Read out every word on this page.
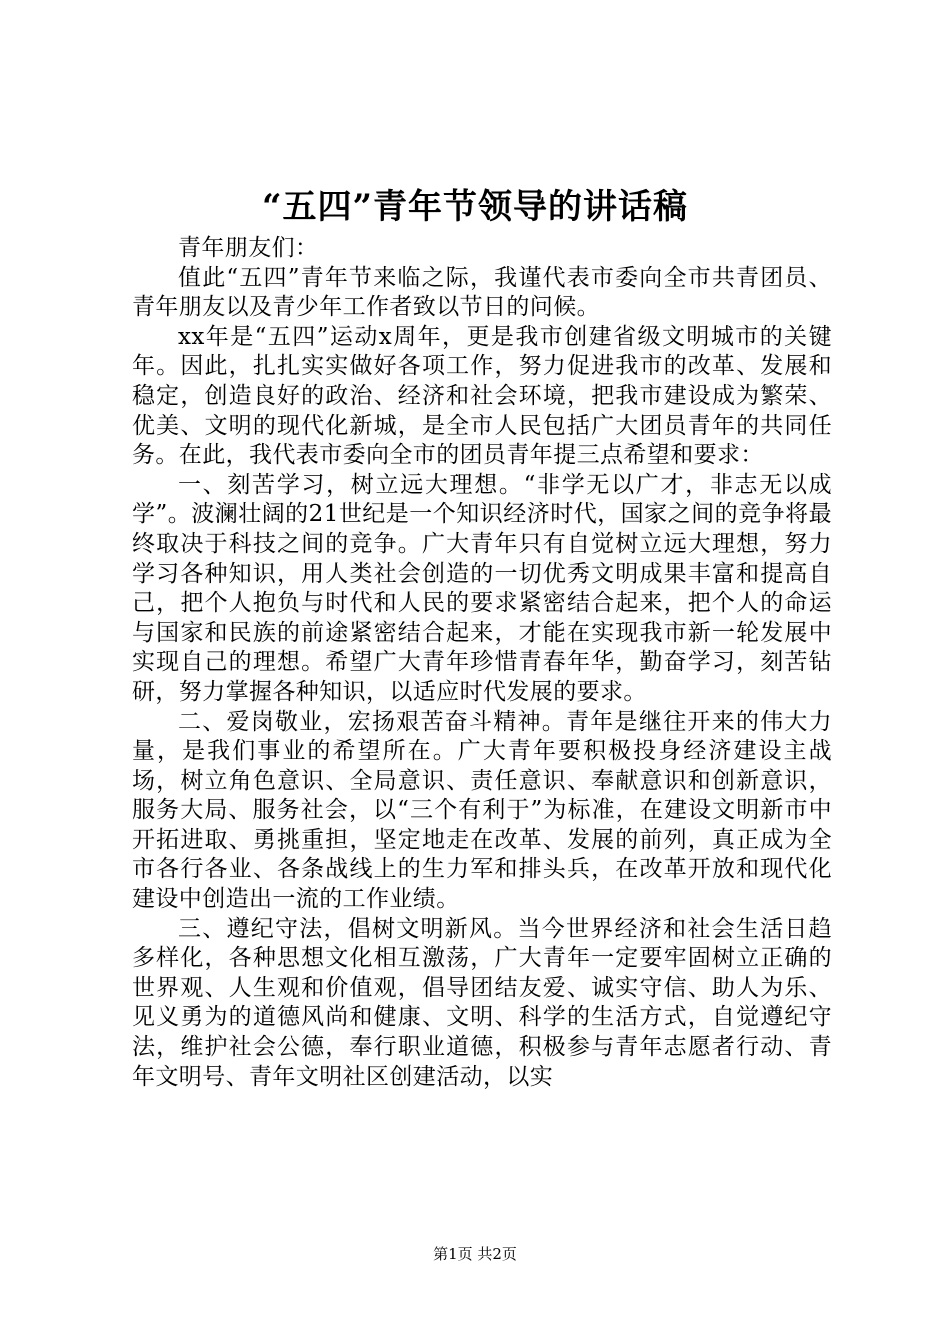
“五四”青年节领导的讲话稿

青年朋友们：

值此“五四”青年节来临之际，我谨代表市委向全市共青团员、青年朋友以及青少年工作者致以节日的问候。

xx年是“五四”运动x周年，更是我市创建省级文明城市的关键年。因此，扎扎实实做好各项工作，努力促进我市的改革、发展和稳定，创造良好的政治、经济和社会环境，把我市建设成为繁荣、优美、文明的现代化新城，是全市人民包括广大团员青年的共同任务。在此，我代表市委向全市的团员青年提三点希望和要求：

一、刻苦学习，树立远大理想。“非学无以广才，非志无以成学”。波澜壮阔的21世纪是一个知识经济时代，国家之间的竞争将最终取决于科技之间的竞争。广大青年只有自觉树立远大理想，努力学习各种知识，用人类社会创造的一切优秀文明成果丰富和提高自己，把个人抱负与时代和人民的要求紧密结合起来，把个人的命运与国家和民族的前途紧密结合起来，才能在实现我市新一轮发展中实现自己的理想。希望广大青年珍惜青春年华，勤奋学习，刻苦钻研，努力掌握各种知识，以适应时代发展的要求。

二、爱岗敬业，宏扬艰苦奋斗精神。青年是继往开来的伟大力量，是我们事业的希望所在。广大青年要积极投身经济建设主战场，树立角色意识、全局意识、责任意识、奉献意识和创新意识，服务大局、服务社会，以“三个有利于”为标准，在建设文明新市中开拓进取、勇挑重担，坚定地走在改革、发展的前列，真正成为全市各行各业、各条战线上的生力军和排头兵，在改革开放和现代化建设中创造出一流的工作业绩。

三、遵纪守法，倡树文明新风。当今世界经济和社会生活日趋多样化，各种思想文化相互激荡，广大青年一定要牢固树立正确的世界观、人生观和价值观，倡导团结友爱、诚实守信、助人为乐、见义勇为的道德风尚和健康、文明、科学的生活方式，自觉遵纪守法，维护社会公德，奉行职业道德，积极参与青年志愿者行动、青年文明号、青年文明社区创建活动，以实

第1页 共2页
